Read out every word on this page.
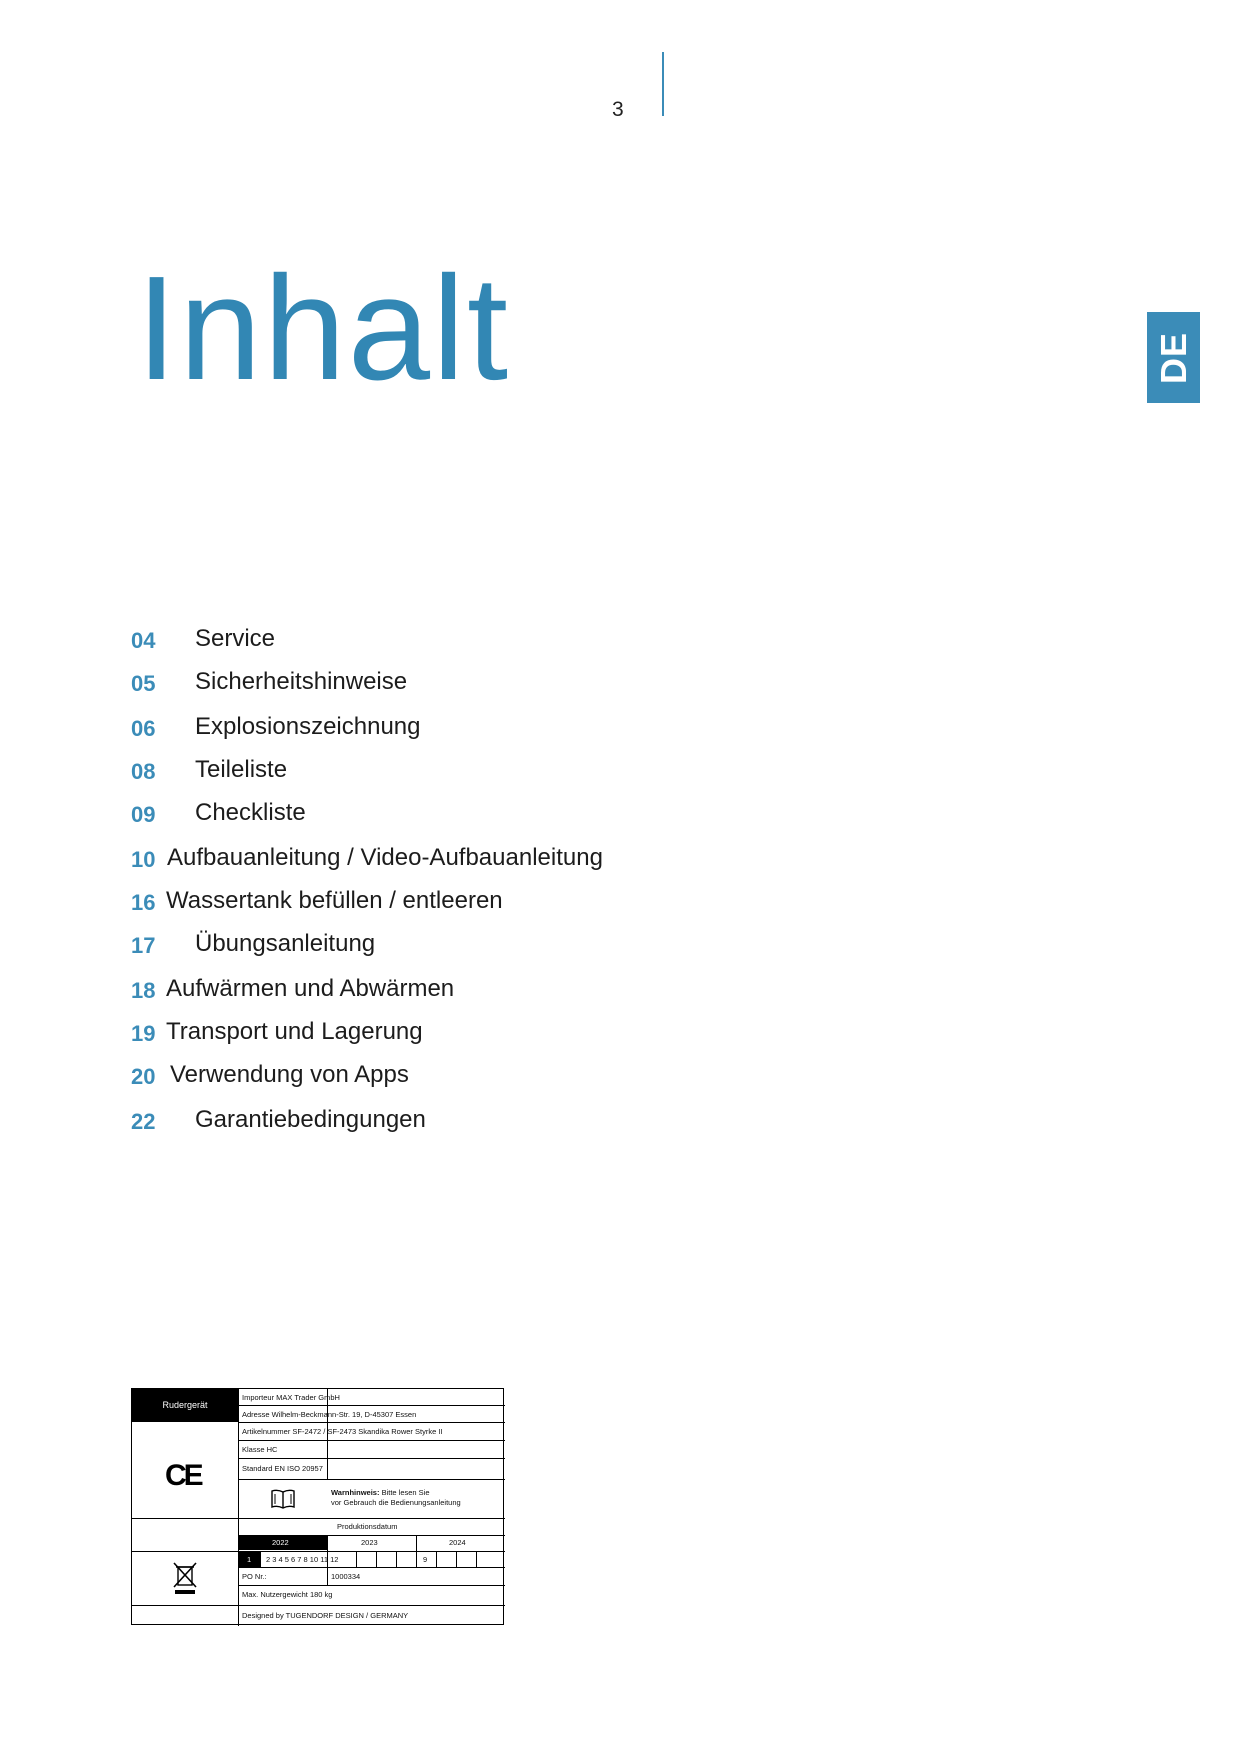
3
Inhalt	DE
04 Service
05 Sicherheitshinweise
06 Explosionszeichnung
08 Teileliste
09 Checkliste
10 Aufbauanleitung / Video-Aufbauanleitung
16 Wassertank befüllen / entleeren
17 Übungsanleitung
18 Aufwärmen und Abwärmen
19 Transport und Lagerung
20 Verwendung von Apps
22 Garantiebedingungen
Rudergerät
Importeur MAX Trader GmbH
Adresse Wilhelm-Beckmann-Str. 19, D-45307 Essen
Artikelnummer SF-2472 / SF-2473 Skandika Rower Styrke II
Klasse HC
Standard EN ISO 20957
CE
Warnhinweis: Bitte lesen Sie
vor Gebrauch die Bedienungsanleitung
Produktionsdatum
2022	2023	2024
1 2 3 4 5 6 7 8 10 11 12	9
PO Nr.:	1000334
Max. Nutzergewicht 180 kg
Designed by TUGENDORF DESIGN / GERMANY
